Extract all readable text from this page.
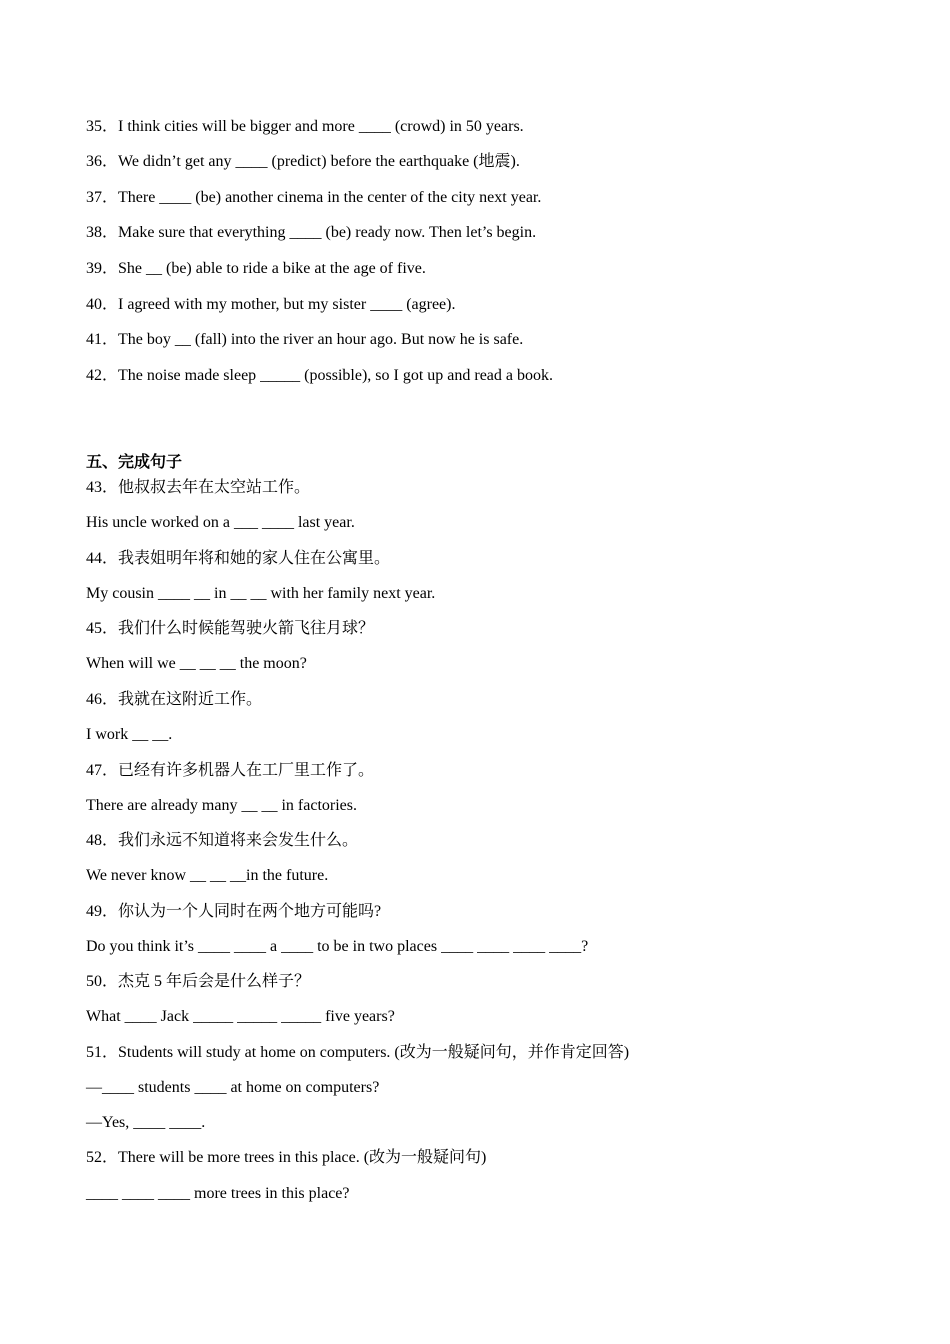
35．I think cities will be bigger and more ____ (crowd) in 50 years.
36．We didn’t get any ____ (predict) before the earthquake (地震).
37．There ____ (be) another cinema in the center of the city next year.
38．Make sure that everything ____ (be) ready now. Then let’s begin.
39．She __ (be) able to ride a bike at the age of five.
40．I agreed with my mother, but my sister ____ (agree).
41．The boy __ (fall) into the river an hour ago. But now he is safe.
42．The noise made sleep _____ (possible), so I got up and read a book.
五、完成句子
43．他叔叔去年在太空站工作。
His uncle worked on a ___ ____ last year.
44．我表姐明年将和她的家人住在公寓里。
My cousin ____ __ in __ __ with her family next year.
45．我们什么时候能驾驶火箭飞往月球？
When will we __ __ __ the moon?
46．我就在这附近工作。
I work __ __.
47．已经有许多机器人在工厂里工作了。
There are already many __ __ in factories.
48．我们永远不知道将来会发生什么。
We never know __ __ __in the future.
49．你认为一个人同时在两个地方可能吗?
Do you think it’s ____ ____ a ____ to be in two places ____ ____ ____ ____?
50．杰克 5 年后会是什么样子？
What ____ Jack _____ _____ _____ five years?
51．Students will study at home on computers. (改为一般疑问句，并作肯定回答)
—____ students ____ at home on computers?
—Yes, ____ ____.
52．There will be more trees in this place. (改为一般疑问句)
____ ____ ____ more trees in this place?
